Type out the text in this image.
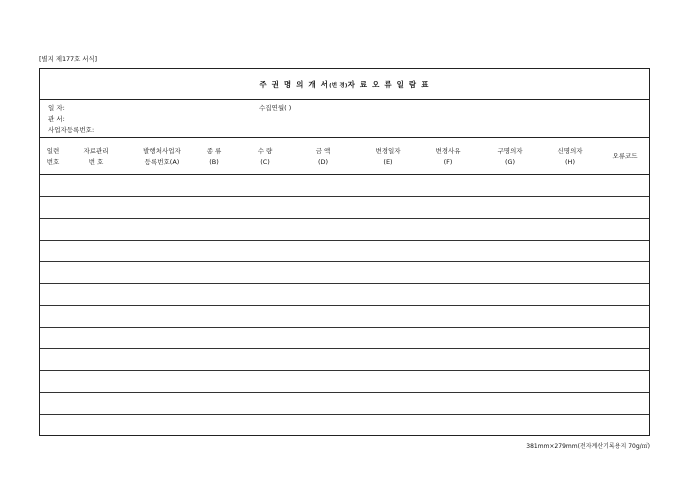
[별지 제177호 서식]
주 권 명 의 개 서(번 경)자 료 오 류 일 람 표
일 자:	수집연월( )
관 서:
사업자등록번호:
일련
번호
자료관리
번 호
발행처사업자
등록번호(A)
종 류
(B)
수 량
(C)
금 액
(D)
변경일자
(E)
변경사유
(F)
구명의자
(G)
신명의자
(H)
오류코드
381mm×279mm(전자계산기록용지 70g/㎡)
